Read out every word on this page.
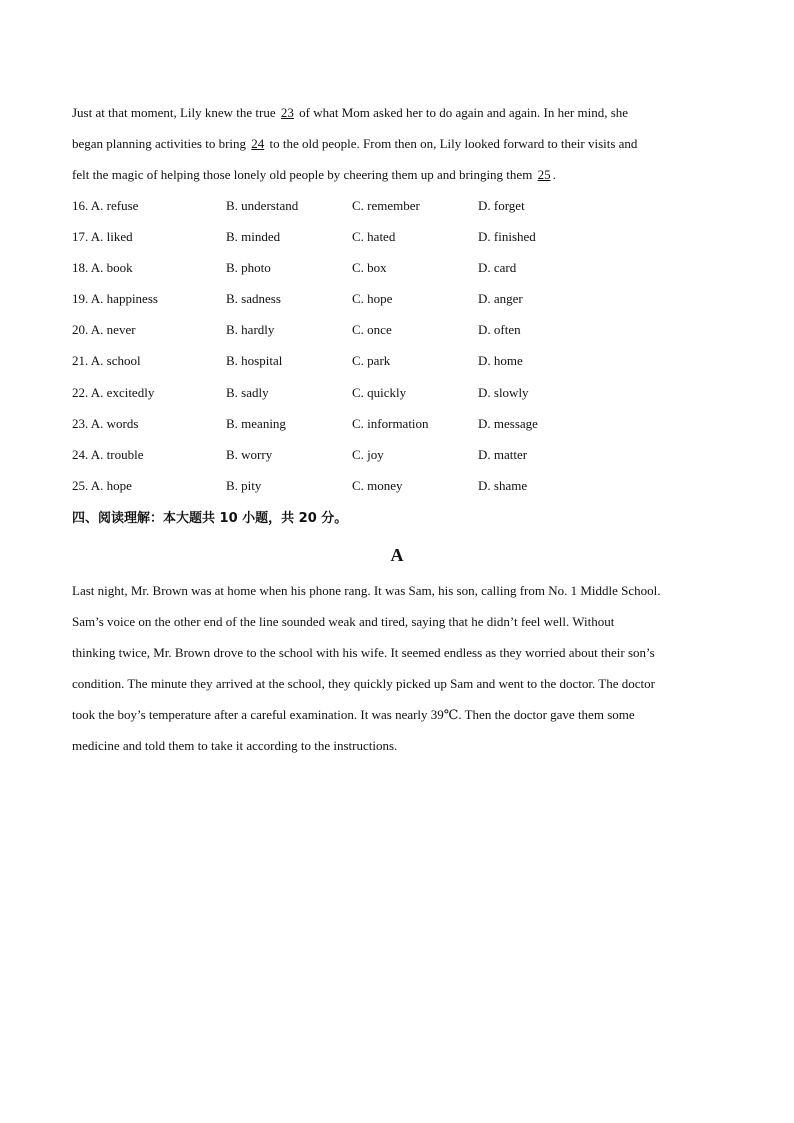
Just at that moment, Lily knew the true 23 of what Mom asked her to do again and again. In her mind, she
began planning activities to bring 24 to the old people. From then on, Lily looked forward to their visits and
felt the magic of helping those lonely old people by cheering them up and bringing them 25 .
16. A. refuse	B. understand	C. remember	D. forget
17. A. liked	B. minded	C. hated	D. finished
18. A. book	B. photo	C. box	D. card
19. A. happiness	B. sadness	C. hope	D. anger
20. A. never	B. hardly	C. once	D. often
21. A. school	B. hospital	C. park	D. home
22. A. excitedly	B. sadly	C. quickly	D. slowly
23. A. words	B. meaning	C. information	D. message
24. A. trouble	B. worry	C. joy	D. matter
25. A. hope	B. pity	C. money	D. shame
四、阅读理解：本大题共 10 小题，共 20 分。
A
Last night, Mr. Brown was at home when his phone rang. It was Sam, his son, calling from No. 1 Middle School.
Sam’s voice on the other end of the line sounded weak and tired, saying that he didn’t feel well. Without
thinking twice, Mr. Brown drove to the school with his wife. It seemed endless as they worried about their son’s
condition. The minute they arrived at the school, they quickly picked up Sam and went to the doctor. The doctor
took the boy’s temperature after a careful examination. It was nearly 39℃. Then the doctor gave them some
medicine and told them to take it according to the instructions.
